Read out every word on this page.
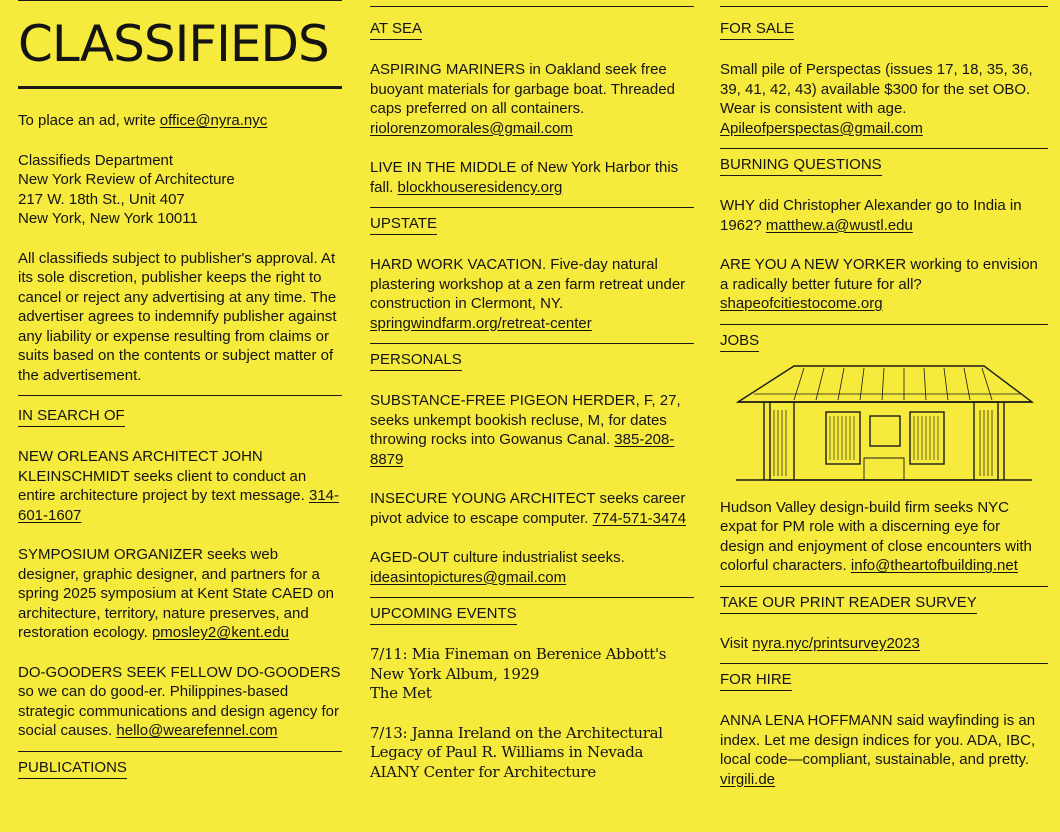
CLASSIFIEDS

To place an ad, write office@nyra.nyc

Classifieds Department
New York Review of Architecture
217 W. 18th St., Unit 407
New York, New York 10011

All classifieds subject to publisher's approval. At its sole discretion, publisher keeps the right to cancel or reject any advertising at any time. The advertiser agrees to indemnify publisher against any liability or expense resulting from claims or suits based on the contents or subject matter of the advertisement.

IN SEARCH OF

NEW ORLEANS ARCHITECT JOHN KLEINSCHMIDT seeks client to conduct an entire architecture project by text message. 314-601-1607

SYMPOSIUM ORGANIZER seeks web designer, graphic designer, and partners for a spring 2025 symposium at Kent State CAED on architecture, territory, nature preserves, and restoration ecology. pmosley2@kent.edu

DO-GOODERS SEEK FELLOW DO-GOODERS so we can do good-er. Philippines-based strategic communications and design agency for social causes. hello@wearefennel.com

PUBLICATIONS
AT SEA

ASPIRING MARINERS in Oakland seek free buoyant materials for garbage boat. Threaded caps preferred on all containers. riolorenzomorales@gmail.com

LIVE IN THE MIDDLE of New York Harbor this fall. blockhouseresidency.org

UPSTATE

HARD WORK VACATION. Five-day natural plastering workshop at a zen farm retreat under construction in Clermont, NY. springwindfarm.org/retreat-center

PERSONALS

SUBSTANCE-FREE PIGEON HERDER, F, 27, seeks unkempt bookish recluse, M, for dates throwing rocks into Gowanus Canal. 385-208-8879

INSECURE YOUNG ARCHITECT seeks career pivot advice to escape computer. 774-571-3474

AGED-OUT culture industrialist seeks. ideasintopictures@gmail.com

UPCOMING EVENTS

7/11: Mia Fineman on Berenice Abbott's
New York Album, 1929
The Met

7/13: Janna Ireland on the Architectural
Legacy of Paul R. Williams in Nevada
AIANY Center for Architecture

FOR SALE

Small pile of Perspectas (issues 17, 18, 35, 36, 39, 41, 42, 43) available $300 for the set OBO. Wear is consistent with age. Apileofperspectas@gmail.com

BURNING QUESTIONS

WHY did Christopher Alexander go to India in 1962? matthew.a@wustl.edu

ARE YOU A NEW YORKER working to envision a radically better future for all? shapeofcitiestocome.org

JOBS

Hudson Valley design-build firm seeks NYC expat for PM role with a discerning eye for design and enjoyment of close encounters with colorful characters. info@theartofbuilding.net

TAKE OUR PRINT READER SURVEY

Visit nyra.nyc/printsurvey2023

FOR HIRE

ANNA LENA HOFFMANN said wayfinding is an index. Let me design indices for you. ADA, IBC, local code—compliant, sustainable, and pretty. virgili.de
